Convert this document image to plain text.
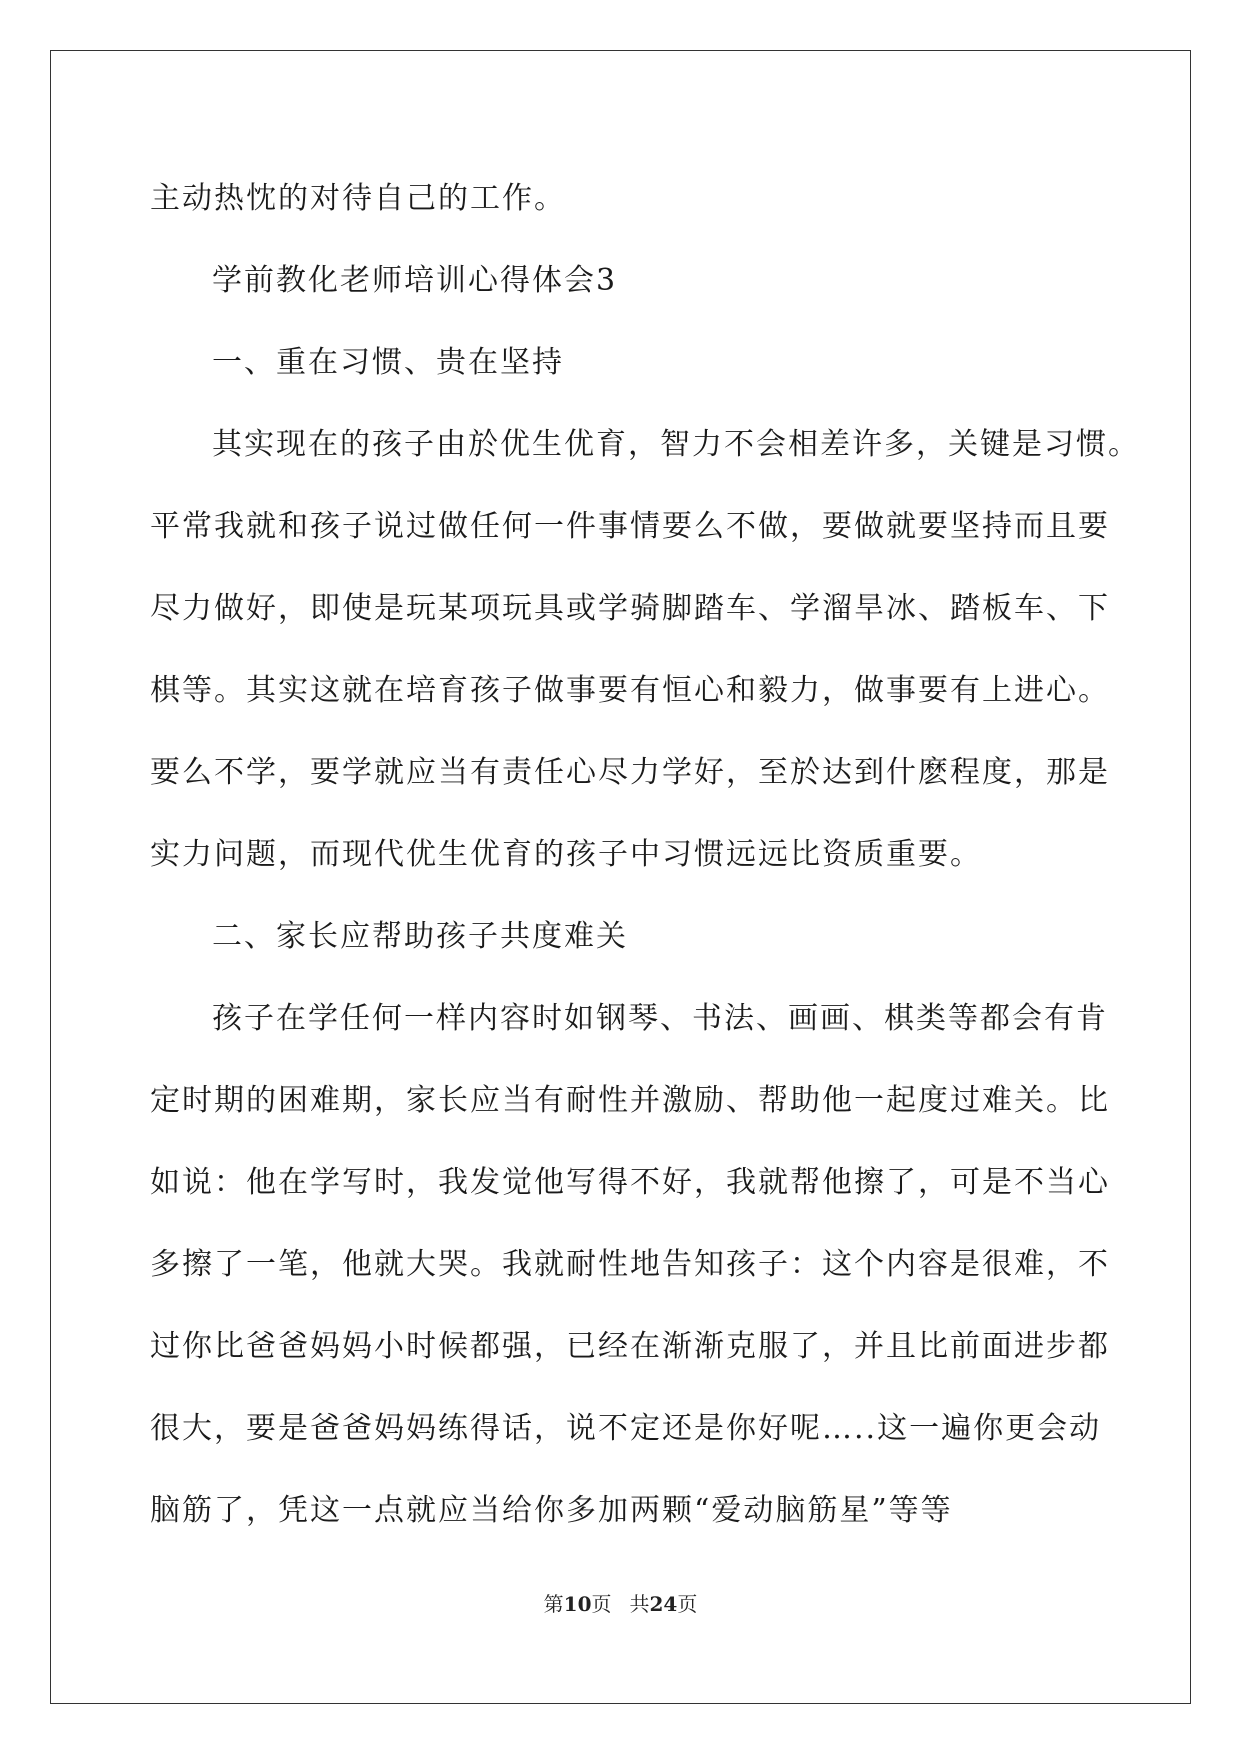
主动热忱的对待自己的工作。
学前教化老师培训心得体会3
一、重在习惯、贵在坚持
其实现在的孩子由於优生优育，智力不会相差许多，关键是习惯。
平常我就和孩子说过做任何一件事情要么不做，要做就要坚持而且要
尽力做好，即使是玩某项玩具或学骑脚踏车、学溜旱冰、踏板车、下
棋等。其实这就在培育孩子做事要有恒心和毅力，做事要有上进心。
要么不学，要学就应当有责任心尽力学好，至於达到什麽程度，那是
实力问题，而现代优生优育的孩子中习惯远远比资质重要。
二、家长应帮助孩子共度难关
孩子在学任何一样内容时如钢琴、书法、画画、棋类等都会有肯
定时期的困难期，家长应当有耐性并激励、帮助他一起度过难关。比
如说：他在学写时，我发觉他写得不好，我就帮他擦了，可是不当心
多擦了一笔，他就大哭。我就耐性地告知孩子：这个内容是很难，不
过你比爸爸妈妈小时候都强，已经在渐渐克服了，并且比前面进步都
很大，要是爸爸妈妈练得话，说不定还是你好呢…..这一遍你更会动
脑筋了，凭这一点就应当给你多加两颗“爱动脑筋星”等等
第10页 共24页
